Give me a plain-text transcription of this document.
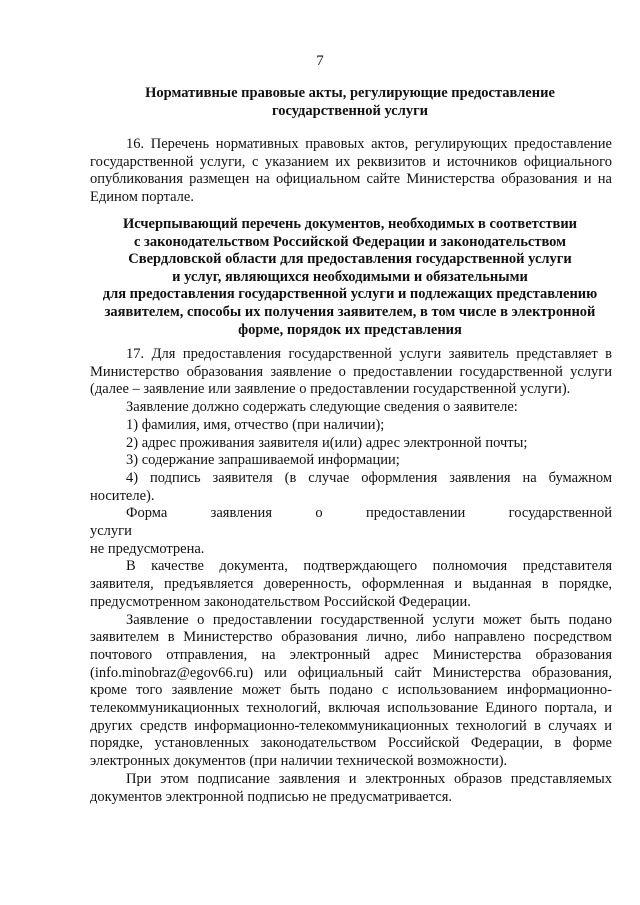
7
Нормативные правовые акты, регулирующие предоставление
государственной услуги

16. Перечень нормативных правовых актов, регулирующих предоставление государственной услуги, с указанием их реквизитов и источников официального опубликования размещен на официальном сайте Министерства образования и на Едином портале.

Исчерпывающий перечень документов, необходимых в соответствии
с законодательством Российской Федерации и законодательством
Свердловской области для предоставления государственной услуги
и услуг, являющихся необходимыми и обязательными
для предоставления государственной услуги и подлежащих представлению
заявителем, способы их получения заявителем, в том числе в электронной
форме, порядок их представления

17. Для предоставления государственной услуги заявитель представляет в Министерство образования заявление о предоставлении государственной услуги (далее – заявление или заявление о предоставлении государственной услуги).

Заявление должно содержать следующие сведения о заявителе:

1) фамилия, имя, отчество (при наличии);

2) адрес проживания заявителя и(или) адрес электронной почты;

3) содержание запрашиваемой информации;

4) подпись заявителя (в случае оформления заявления на бумажном носителе).

Форма заявления о предоставлении государственной услуги

не предусмотрена.

В качестве документа, подтверждающего полномочия представителя заявителя, предъявляется доверенность, оформленная и выданная в порядке, предусмотренном законодательством Российской Федерации.

Заявление о предоставлении государственной услуги может быть подано заявителем в Министерство образования лично, либо направлено посредством почтового отправления, на электронный адрес Министерства образования (info.minobraz@egov66.ru) или официальный сайт Министерства образования, кроме того заявление может быть подано с использованием информационно-телекоммуникационных технологий, включая использование Единого портала, и других средств информационно-телекоммуникационных технологий в случаях и порядке, установленных законодательством Российской Федерации, в форме электронных документов (при наличии технической возможности).

При этом подписание заявления и электронных образов представляемых документов электронной подписью не предусматривается.
